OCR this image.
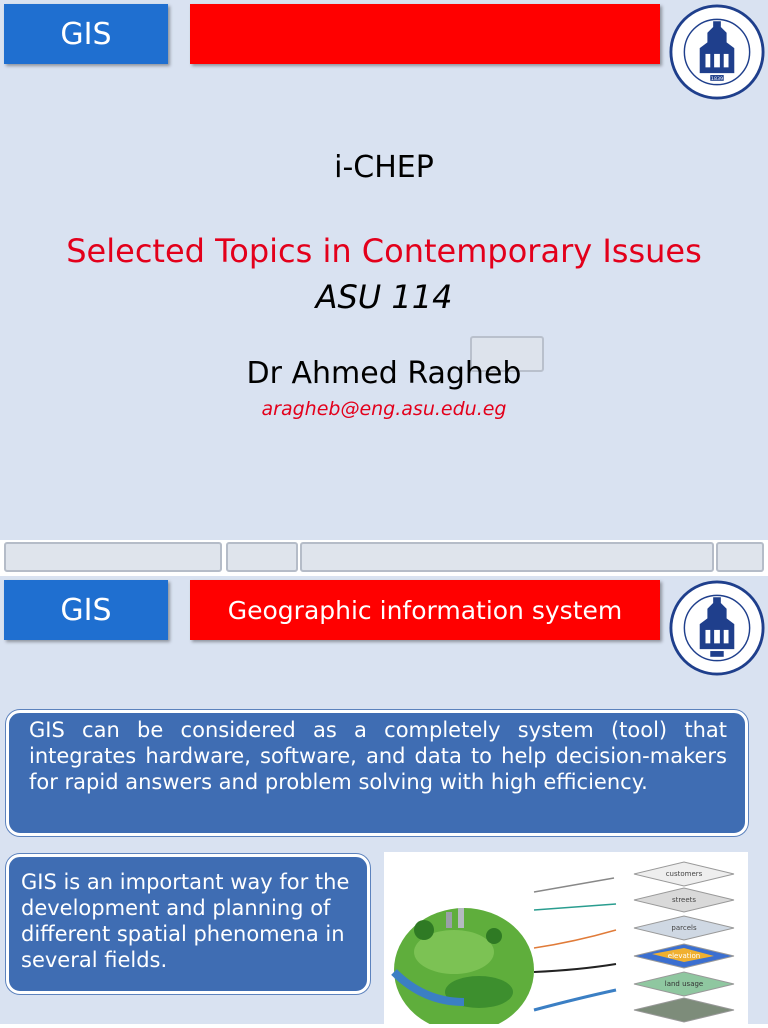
GIS
1839
i-CHEP
Selected Topics in Contemporary Issues
ASU 114
Dr Ahmed Ragheb
aragheb@eng.asu.edu.eg
GIS	Geographic information system
GIS can be considered as a completely system (tool) that integrates hardware, software, and data to help decision-makers for rapid answers and problem solving with high efficiency.
GIS is an important way for the development and planning of different spatial phenomena in several fields.
customers
streets
parcels
elevation
land usage
